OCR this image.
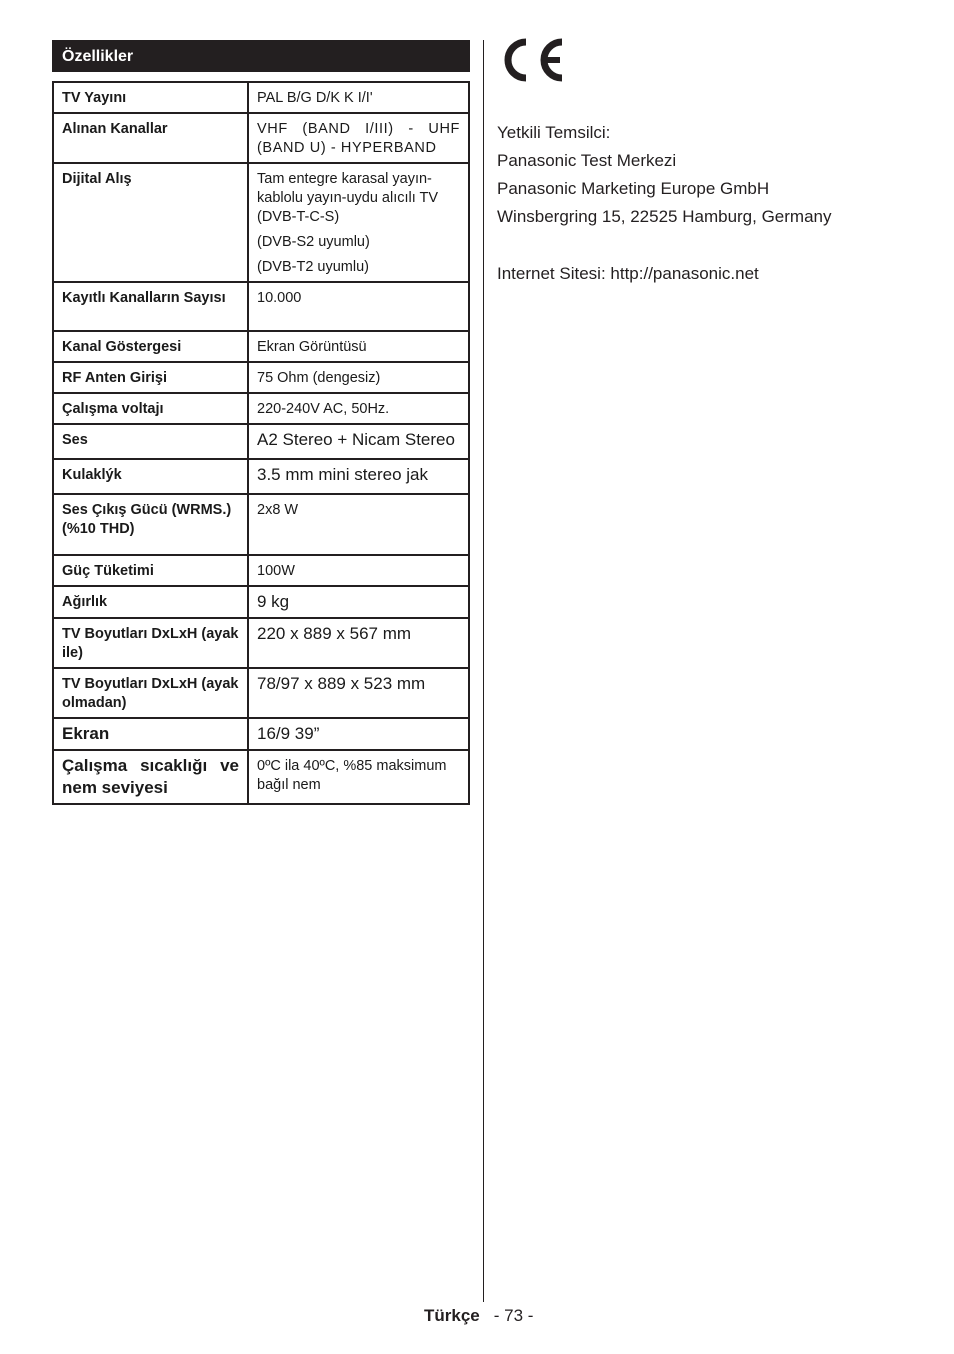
Özellikler
TV Yayını	PAL B/G D/K K I/I'

Alınan Kanallar	VHF (BAND I/III) - UHF (BAND U) - HYPERBAND

Dijital Alış	Tam entegre karasal yayın-kablolu yayın-uydu alıcılı TV (DVB-T-C-S)

(DVB-S2 uyumlu)

(DVB-T2 uyumlu)

Kayıtlı Kanalların Sayısı	10.000

Kanal Göstergesi	Ekran Görüntüsü

RF Anten Girişi	75 Ohm (dengesiz)

Çalışma voltajı	220-240V AC, 50Hz.

Ses	A2 Stereo + Nicam Stereo

Kulaklýk	3.5 mm mini stereo jak

Ses Çıkış Gücü (WRMS.) (%10 THD)	2x8 W

Güç Tüketimi	100W

Ağırlık	9 kg

TV Boyutları DxLxH (ayak ile)	220 x 889 x 567 mm

TV Boyutları DxLxH (ayak olmadan)	78/97 x 889 x 523 mm

Ekran	16/9 39”

Çalışma sıcaklığı ve nem seviyesi	0ºC ila 40ºC, %85 maksimum bağıl nem

Yetkili Temsilci:
Panasonic Test Merkezi
Panasonic Marketing Europe GmbH
Winsbergring 15, 22525 Hamburg, Germany
Internet Sitesi: http://panasonic.net
Türkçe - 73 -
